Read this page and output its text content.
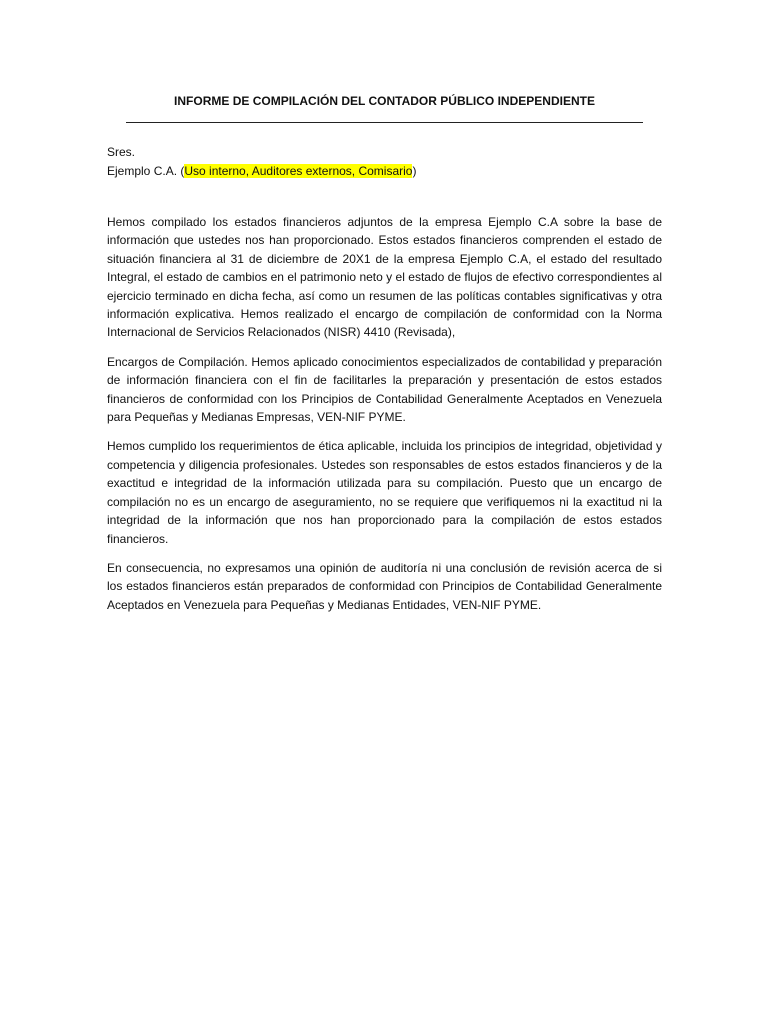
INFORME DE COMPILACIÓN DEL CONTADOR PÚBLICO INDEPENDIENTE
Sres.
Ejemplo C.A. (Uso interno, Auditores externos, Comisario)

Hemos compilado los estados financieros adjuntos de la empresa Ejemplo C.A sobre la base de información que ustedes nos han proporcionado. Estos estados financieros comprenden el estado de situación financiera al 31 de diciembre de 20X1 de la empresa Ejemplo C.A, el estado del resultado Integral, el estado de cambios en el patrimonio neto y el estado de flujos de efectivo correspondientes al ejercicio terminado en dicha fecha, así como un resumen de las políticas contables significativas y otra información explicativa. Hemos realizado el encargo de compilación de conformidad con la Norma Internacional de Servicios Relacionados (NISR) 4410 (Revisada),

Encargos de Compilación. Hemos aplicado conocimientos especializados de contabilidad y preparación de información financiera con el fin de facilitarles la preparación y presentación de estos estados financieros de conformidad con los Principios de Contabilidad Generalmente Aceptados en Venezuela para Pequeñas y Medianas Empresas, VEN-NIF PYME.

Hemos cumplido los requerimientos de ética aplicable, incluida los principios de integridad, objetividad y competencia y diligencia profesionales. Ustedes son responsables de estos estados financieros y de la exactitud e integridad de la información utilizada para su compilación. Puesto que un encargo de compilación no es un encargo de aseguramiento, no se requiere que verifiquemos ni la exactitud ni la integridad de la información que nos han proporcionado para la compilación de estos estados financieros.

En consecuencia, no expresamos una opinión de auditoría ni una conclusión de revisión acerca de si los estados financieros están preparados de conformidad con Principios de Contabilidad Generalmente Aceptados en Venezuela para Pequeñas y Medianas Entidades, VEN-NIF PYME.
